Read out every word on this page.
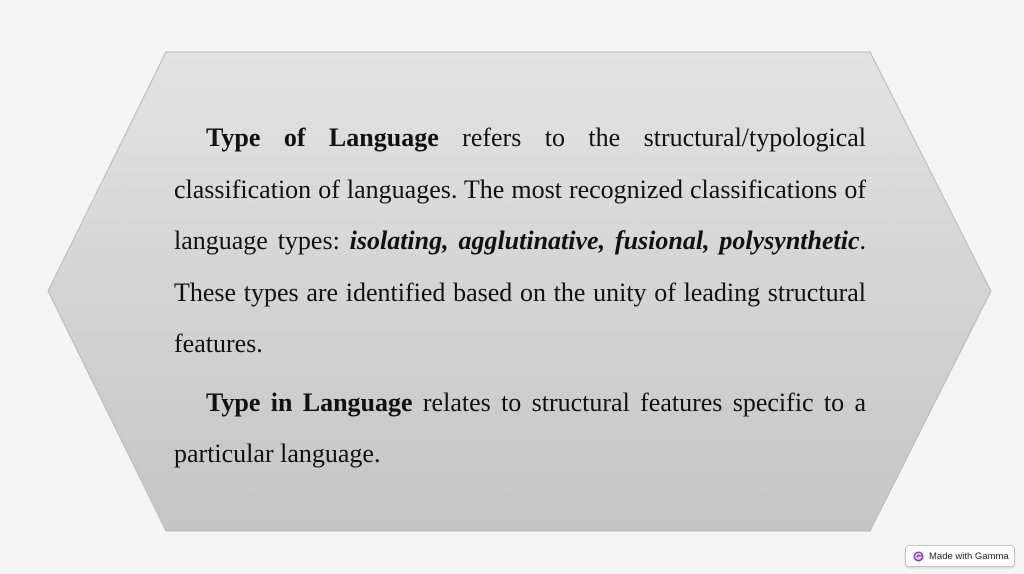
Type of Language refers to the structural/typological classification of languages. The most recognized classifications of language types: isolating, agglutinative, fusional, polysynthetic. These types are identified based on the unity of leading structural features.

Type in Language relates to structural features specific to a particular language.

Made with Gamma
